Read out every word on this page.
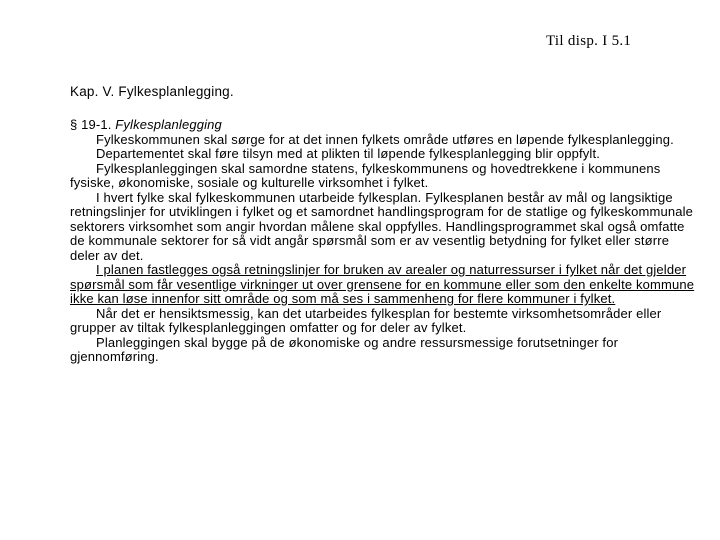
Til disp. I 5.1
Kap. V. Fylkesplanlegging.

§ 19-1. Fylkesplanlegging

Fylkeskommunen skal sørge for at det innen fylkets område utføres en løpende fylkesplanlegging.

Departementet skal føre tilsyn med at plikten til løpende fylkesplanlegging blir oppfylt.

Fylkesplanleggingen skal samordne statens, fylkeskommunens og hovedtrekkene i kommunens fysiske, økonomiske, sosiale og kulturelle virksomhet i fylket.

I hvert fylke skal fylkeskommunen utarbeide fylkesplan. Fylkesplanen består av mål og langsiktige retningslinjer for utviklingen i fylket og et samordnet handlingsprogram for de statlige og fylkeskommunale sektorers virksomhet som angir hvordan målene skal oppfylles. Handlingsprogrammet skal også omfatte de kommunale sektorer for så vidt angår spørsmål som er av vesentlig betydning for fylket eller større deler av det.

I planen fastlegges også retningslinjer for bruken av arealer og naturressurser i fylket når det gjelder spørsmål som får vesentlige virkninger ut over grensene for en kommune eller som den enkelte kommune ikke kan løse innenfor sitt område og som må ses i sammenheng for flere kommuner i fylket.

Når det er hensiktsmessig, kan det utarbeides fylkesplan for bestemte virksomhetsområder eller grupper av tiltak fylkesplanleggingen omfatter og for deler av fylket.

Planleggingen skal bygge på de økonomiske og andre ressursmessige forutsetninger for gjennomføring.
